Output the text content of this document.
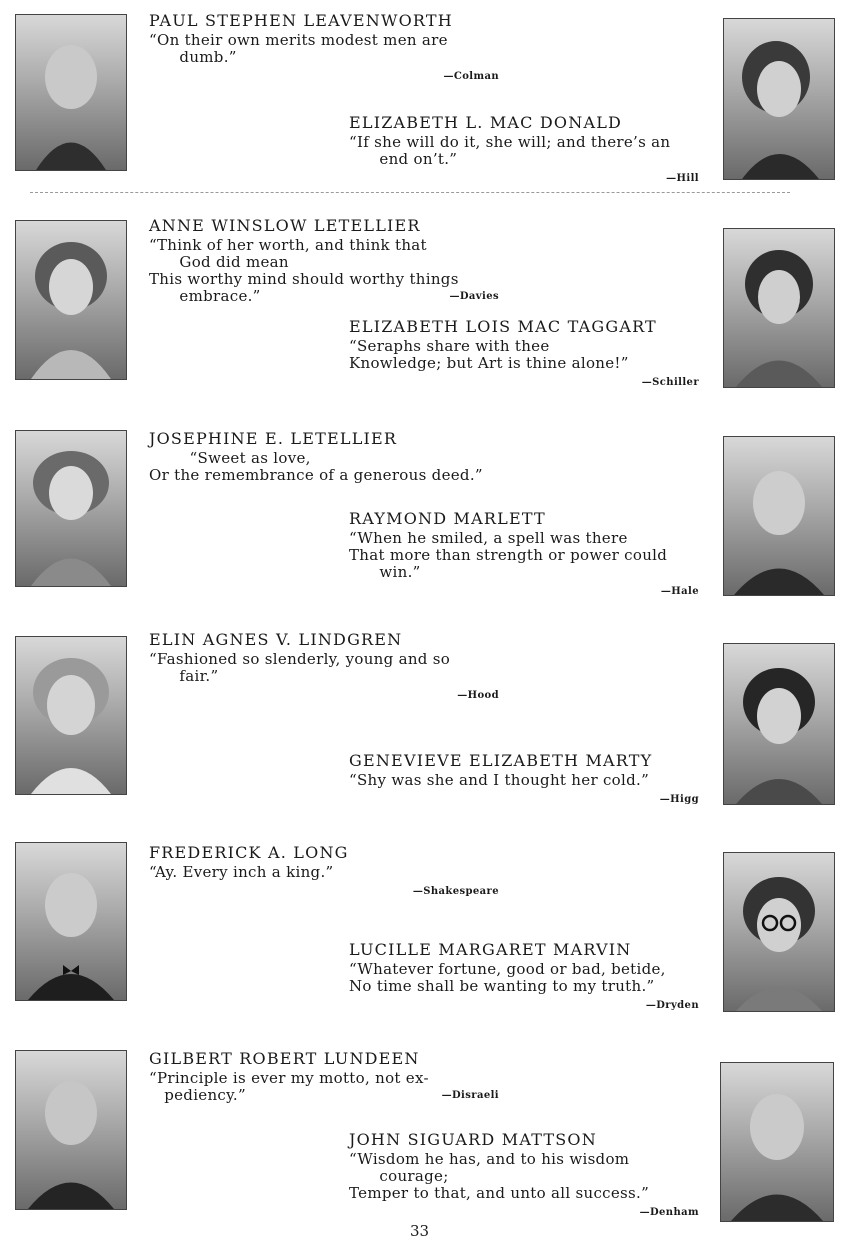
PAUL STEPHEN LEAVENWORTH
“On their own merits modest men are
dumb.”
—Colman
ELIZABETH L. MAC DONALD
“If she will do it, she will; and there’s an
end on’t.”
—Hill
ANNE WINSLOW LETELLIER
“Think of her worth, and think that
God did mean
This worthy mind should worthy things
embrace.”	—Davies
ELIZABETH LOIS MAC TAGGART
“Seraphs share with thee
Knowledge; but Art is thine alone!”
—Schiller
JOSEPHINE E. LETELLIER
“Sweet as love,
Or the remembrance of a generous deed.”
RAYMOND MARLETT
“When he smiled, a spell was there
That more than strength or power could
win.”
—Hale
ELIN AGNES V. LINDGREN
“Fashioned so slenderly, young and so
fair.”
—Hood
GENEVIEVE ELIZABETH MARTY
“Shy was she and I thought her cold.”
—Higg
FREDERICK A. LONG
“Ay. Every inch a king.”
—Shakespeare
LUCILLE MARGARET MARVIN
“Whatever fortune, good or bad, betide,
No time shall be wanting to my truth.”
—Dryden
GILBERT ROBERT LUNDEEN
“Principle is ever my motto, not ex-
pediency.”	—Disraeli
JOHN SIGUARD MATTSON
“Wisdom he has, and to his wisdom
courage;
Temper to that, and unto all success.”
—Denham
33
